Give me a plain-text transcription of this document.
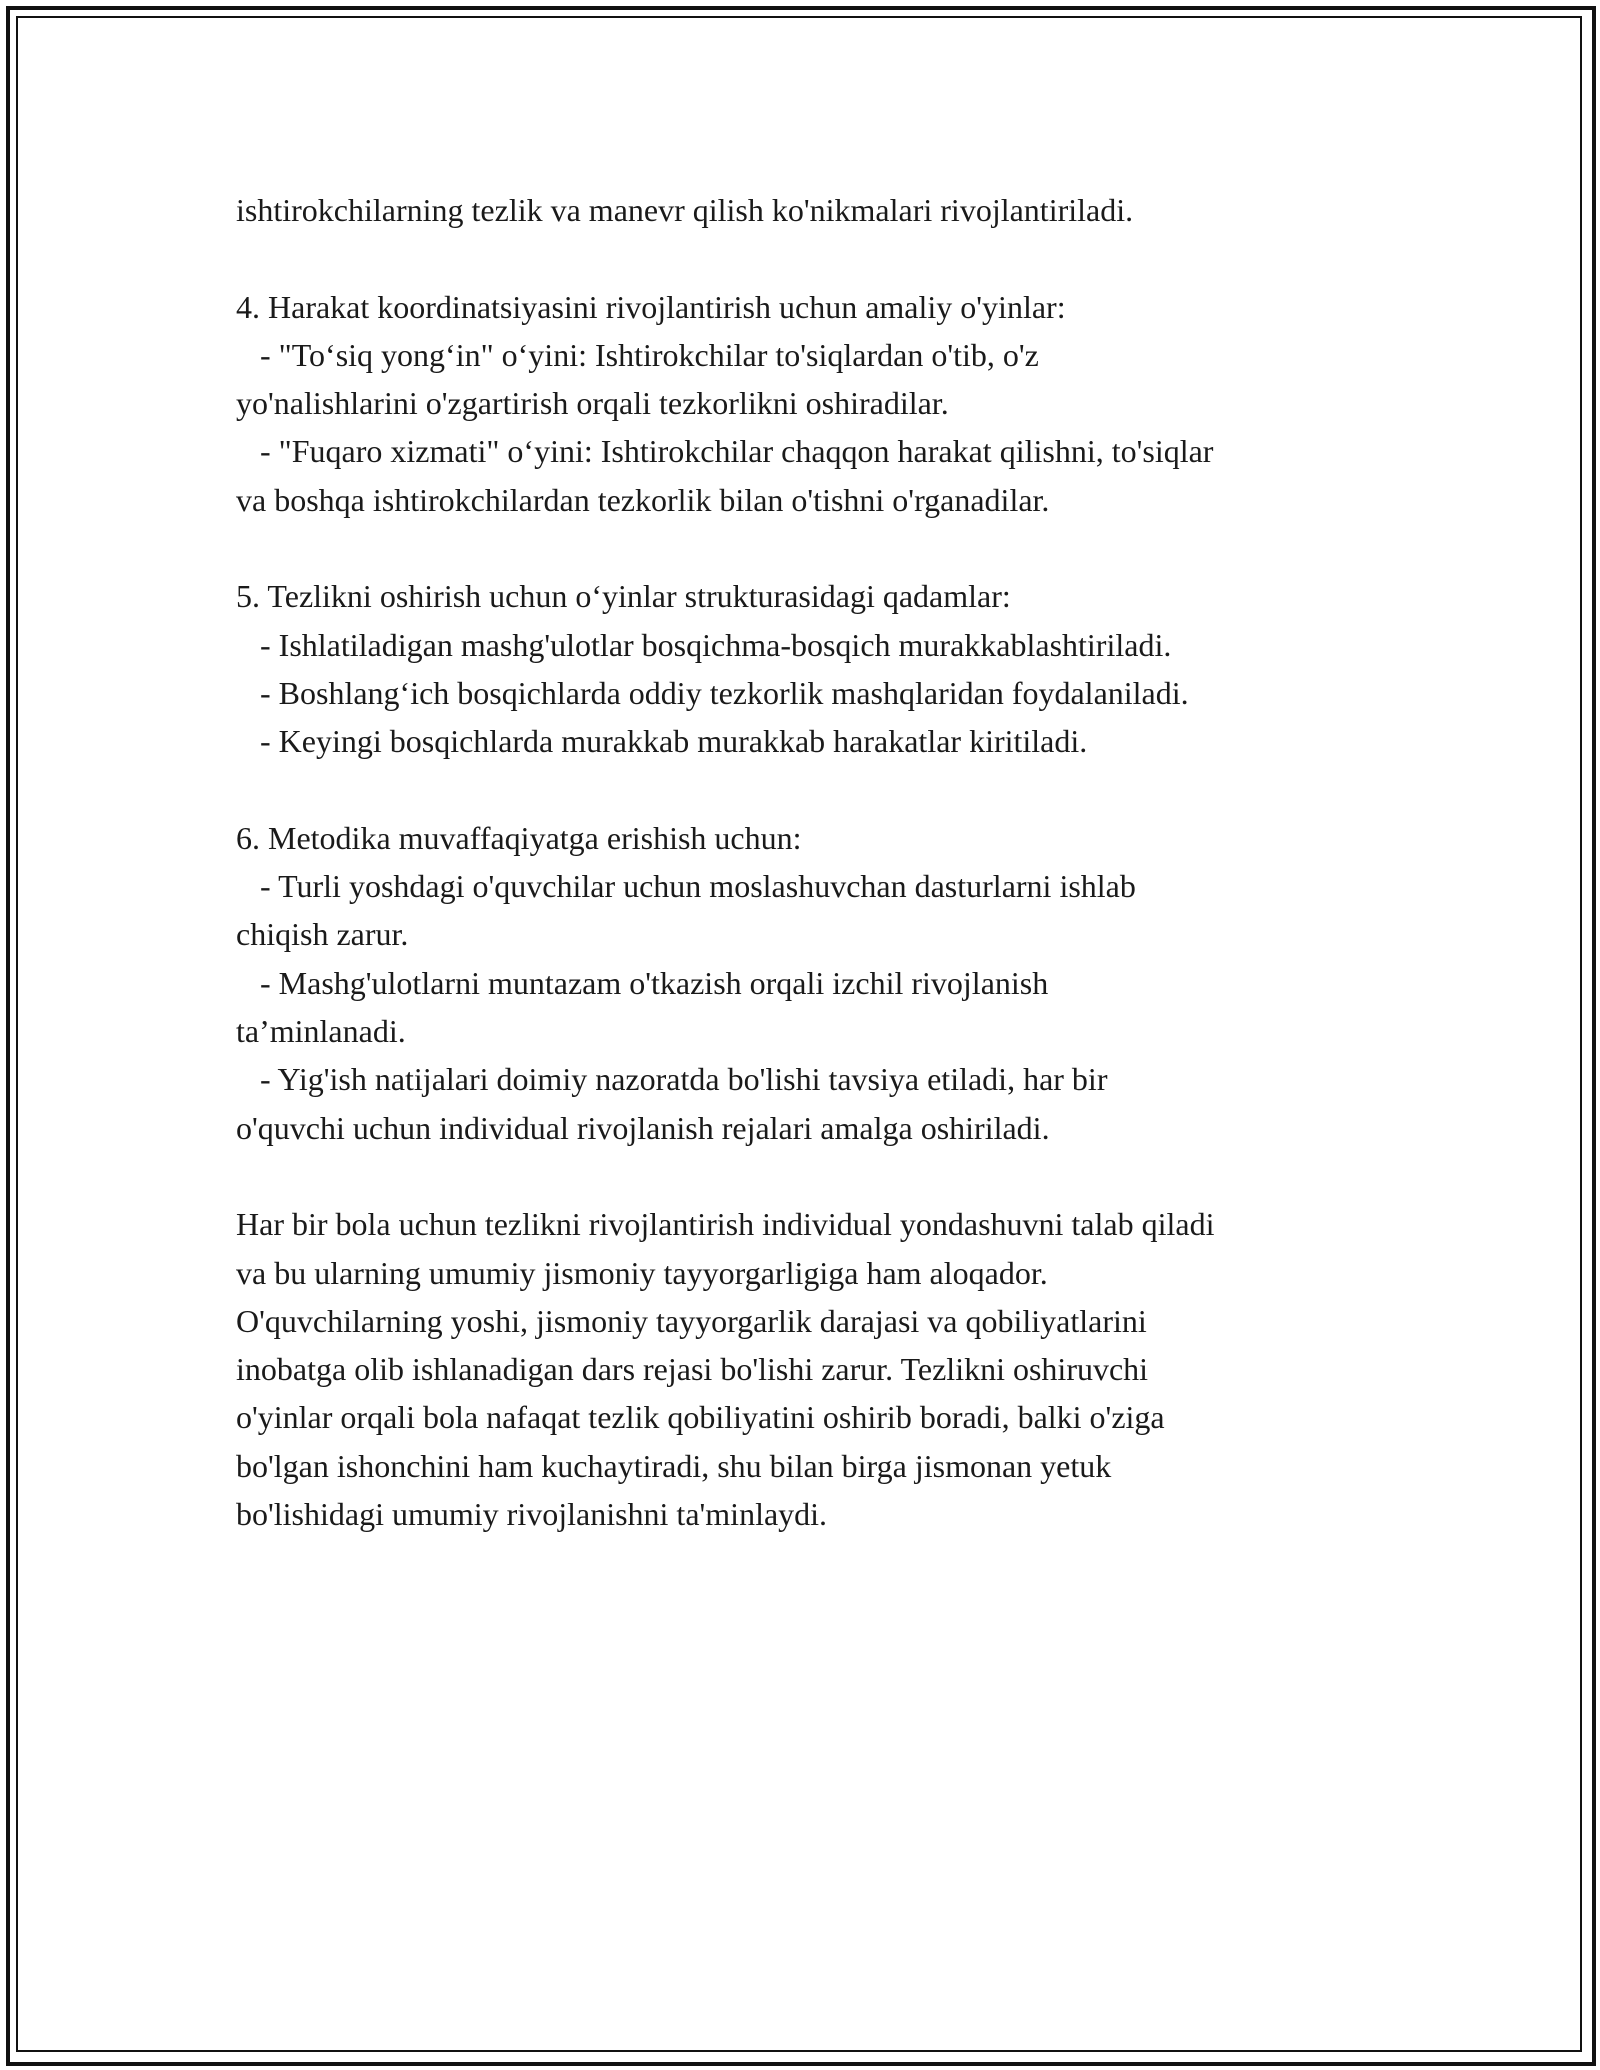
ishtirokchilarning tezlik va manevr qilish ko'nikmalari rivojlantiriladi.
4. Harakat koordinatsiyasini rivojlantirish uchun amaliy o'yinlar:
- "To‘siq yong‘in" o‘yini: Ishtirokchilar to'siqlardan o'tib, o'z
yo'nalishlarini o'zgartirish orqali tezkorlikni oshiradilar.
- "Fuqaro xizmati" o‘yini: Ishtirokchilar chaqqon harakat qilishni, to'siqlar
va boshqa ishtirokchilardan tezkorlik bilan o'tishni o'rganadilar.
5. Tezlikni oshirish uchun o‘yinlar strukturasidagi qadamlar:
- Ishlatiladigan mashg'ulotlar bosqichma-bosqich murakkablashtiriladi.
- Boshlang‘ich bosqichlarda oddiy tezkorlik mashqlaridan foydalaniladi.
- Keyingi bosqichlarda murakkab murakkab harakatlar kiritiladi.
6. Metodika muvaffaqiyatga erishish uchun:
- Turli yoshdagi o'quvchilar uchun moslashuvchan dasturlarni ishlab
chiqish zarur.
- Mashg'ulotlarni muntazam o'tkazish orqali izchil rivojlanish
ta’minlanadi.
- Yig'ish natijalari doimiy nazoratda bo'lishi tavsiya etiladi, har bir
o'quvchi uchun individual rivojlanish rejalari amalga oshiriladi.
Har bir bola uchun tezlikni rivojlantirish individual yondashuvni talab qiladi
va bu ularning umumiy jismoniy tayyorgarligiga ham aloqador.
O'quvchilarning yoshi, jismoniy tayyorgarlik darajasi va qobiliyatlarini
inobatga olib ishlanadigan dars rejasi bo'lishi zarur. Tezlikni oshiruvchi
o'yinlar orqali bola nafaqat tezlik qobiliyatini oshirib boradi, balki o'ziga
bo'lgan ishonchini ham kuchaytiradi, shu bilan birga jismonan yetuk
bo'lishidagi umumiy rivojlanishni ta'minlaydi.
